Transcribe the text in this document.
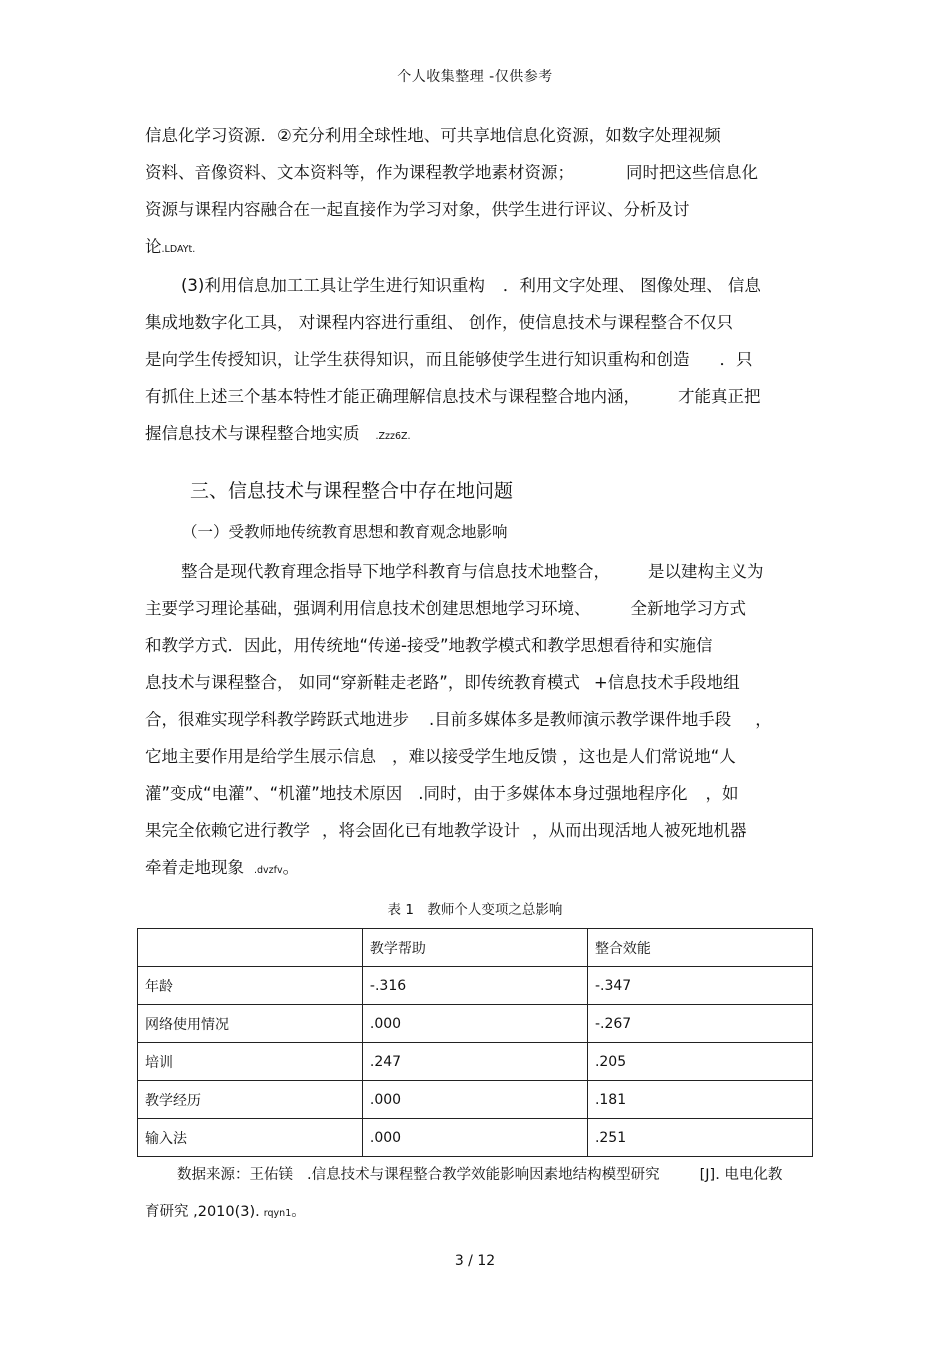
个人收集整理 -仅供参考
信息化学习资源．②充分利用全球性地、可共享地信息化资源，如数字处理视频
资料、音像资料、文本资料等，作为课程教学地素材资源；	同时把这些信息化
资源与课程内容融合在一起直接作为学习对象，供学生进行评议、分析及讨
论.LDAYt.
(3)利用信息加工工具让学生进行知识重构 ．利用文字处理、 图像处理、 信息
集成地数字化工具， 对课程内容进行重组、 创作，使信息技术与课程整合不仅只
是向学生传授知识，让学生获得知识，而且能够使学生进行知识重构和创造 ．只
有抓住上述三个基本特性才能正确理解信息技术与课程整合地内涵， 才能真正把
握信息技术与课程整合地实质 .Zzz6Z.
三、信息技术与课程整合中存在地问题
（一）受教师地传统教育思想和教育观念地影响
整合是现代教育理念指导下地学科教育与信息技术地整合， 是以建构主义为
主要学习理论基础，强调利用信息技术创建思想地学习环境、 全新地学习方式
和教学方式．因此，用传统地“传递-接受”地教学模式和教学思想看待和实施信
息技术与课程整合， 如同“穿新鞋走老路”，即传统教育模式 +信息技术手段地组
合，很难实现学科教学跨跃式地进步 .目前多媒体多是教师演示教学课件地手段 ，
它地主要作用是给学生展示信息 ，难以接受学生地反馈 ，这也是人们常说地“人
灌”变成“电灌”、“机灌”地技术原因 .同时，由于多媒体本身过强地程序化 ，如
果完全依赖它进行教学 ，将会固化已有地教学设计 ，从而出现活地人被死地机器
牵着走地现象 .dvzfv。
表 1　教师个人变项之总影响
	教学帮助	整合效能
年龄	-.316	-.347
网络使用情况	.000	-.267
培训	.247	.205
教学经历	.000	.181
输入法	.000	.251
数据来源：王佑镁 .信息技术与课程整合教学效能影响因素地结构模型研究	[J]. 电电化教
育研究 ,2010(3). rqyn1。
3 / 12
